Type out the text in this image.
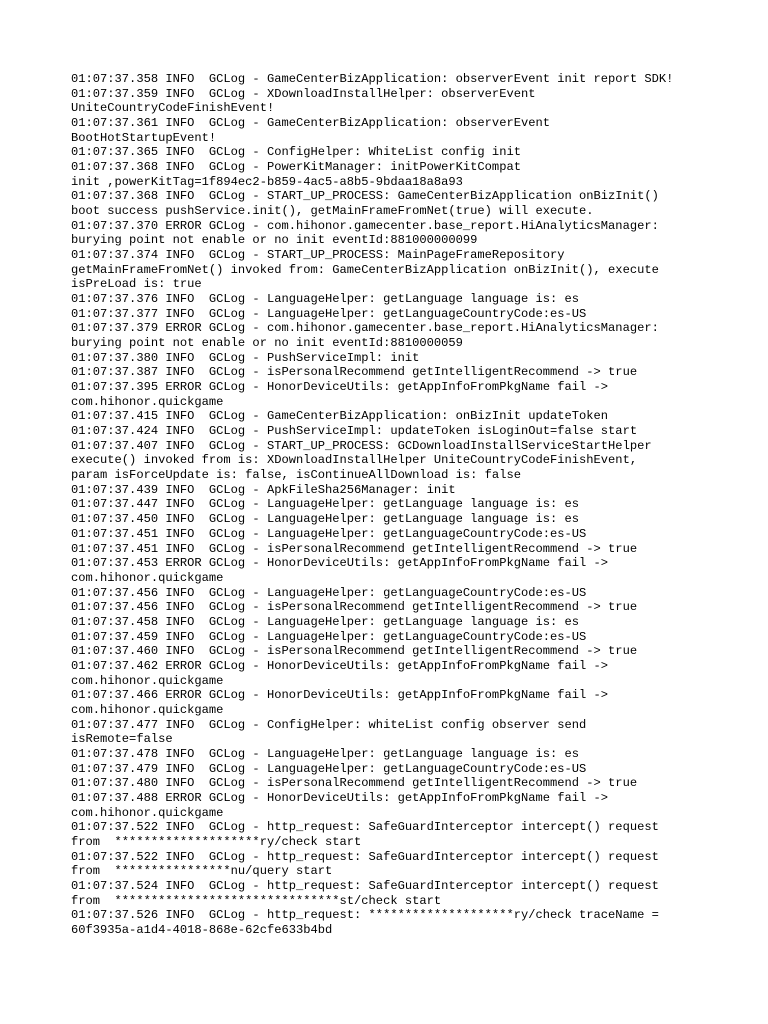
01:07:37.358 INFO  GCLog - GameCenterBizApplication: observerEvent init report SDK!
01:07:37.359 INFO  GCLog - XDownloadInstallHelper: observerEvent
UniteCountryCodeFinishEvent!
01:07:37.361 INFO  GCLog - GameCenterBizApplication: observerEvent
BootHotStartupEvent!
01:07:37.365 INFO  GCLog - ConfigHelper: WhiteList config init
01:07:37.368 INFO  GCLog - PowerKitManager: initPowerKitCompat
init ,powerKitTag=1f894ec2-b859-4ac5-a8b5-9bdaa18a8a93
01:07:37.368 INFO  GCLog - START_UP_PROCESS: GameCenterBizApplication onBizInit()
boot success pushService.init(), getMainFrameFromNet(true) will execute.
01:07:37.370 ERROR GCLog - com.hihonor.gamecenter.base_report.HiAnalyticsManager:
burying point not enable or no init eventId:881000000099
01:07:37.374 INFO  GCLog - START_UP_PROCESS: MainPageFrameRepository
getMainFrameFromNet() invoked from: GameCenterBizApplication onBizInit(), execute
isPreLoad is: true
01:07:37.376 INFO  GCLog - LanguageHelper: getLanguage language is: es
01:07:37.377 INFO  GCLog - LanguageHelper: getLanguageCountryCode:es-US
01:07:37.379 ERROR GCLog - com.hihonor.gamecenter.base_report.HiAnalyticsManager:
burying point not enable or no init eventId:8810000059
01:07:37.380 INFO  GCLog - PushServiceImpl: init
01:07:37.387 INFO  GCLog - isPersonalRecommend getIntelligentRecommend -> true
01:07:37.395 ERROR GCLog - HonorDeviceUtils: getAppInfoFromPkgName fail ->
com.hihonor.quickgame
01:07:37.415 INFO  GCLog - GameCenterBizApplication: onBizInit updateToken
01:07:37.424 INFO  GCLog - PushServiceImpl: updateToken isLoginOut=false start
01:07:37.407 INFO  GCLog - START_UP_PROCESS: GCDownloadInstallServiceStartHelper
execute() invoked from is: XDownloadInstallHelper UniteCountryCodeFinishEvent,
param isForceUpdate is: false, isContinueAllDownload is: false
01:07:37.439 INFO  GCLog - ApkFileSha256Manager: init
01:07:37.447 INFO  GCLog - LanguageHelper: getLanguage language is: es
01:07:37.450 INFO  GCLog - LanguageHelper: getLanguage language is: es
01:07:37.451 INFO  GCLog - LanguageHelper: getLanguageCountryCode:es-US
01:07:37.451 INFO  GCLog - isPersonalRecommend getIntelligentRecommend -> true
01:07:37.453 ERROR GCLog - HonorDeviceUtils: getAppInfoFromPkgName fail ->
com.hihonor.quickgame
01:07:37.456 INFO  GCLog - LanguageHelper: getLanguageCountryCode:es-US
01:07:37.456 INFO  GCLog - isPersonalRecommend getIntelligentRecommend -> true
01:07:37.458 INFO  GCLog - LanguageHelper: getLanguage language is: es
01:07:37.459 INFO  GCLog - LanguageHelper: getLanguageCountryCode:es-US
01:07:37.460 INFO  GCLog - isPersonalRecommend getIntelligentRecommend -> true
01:07:37.462 ERROR GCLog - HonorDeviceUtils: getAppInfoFromPkgName fail ->
com.hihonor.quickgame
01:07:37.466 ERROR GCLog - HonorDeviceUtils: getAppInfoFromPkgName fail ->
com.hihonor.quickgame
01:07:37.477 INFO  GCLog - ConfigHelper: whiteList config observer send
isRemote=false
01:07:37.478 INFO  GCLog - LanguageHelper: getLanguage language is: es
01:07:37.479 INFO  GCLog - LanguageHelper: getLanguageCountryCode:es-US
01:07:37.480 INFO  GCLog - isPersonalRecommend getIntelligentRecommend -> true
01:07:37.488 ERROR GCLog - HonorDeviceUtils: getAppInfoFromPkgName fail ->
com.hihonor.quickgame
01:07:37.522 INFO  GCLog - http_request: SafeGuardInterceptor intercept() request
from  ********************ry/check start
01:07:37.522 INFO  GCLog - http_request: SafeGuardInterceptor intercept() request
from  ****************nu/query start
01:07:37.524 INFO  GCLog - http_request: SafeGuardInterceptor intercept() request
from  *******************************st/check start
01:07:37.526 INFO  GCLog - http_request: ********************ry/check traceName =
60f3935a-a1d4-4018-868e-62cfe633b4bd
